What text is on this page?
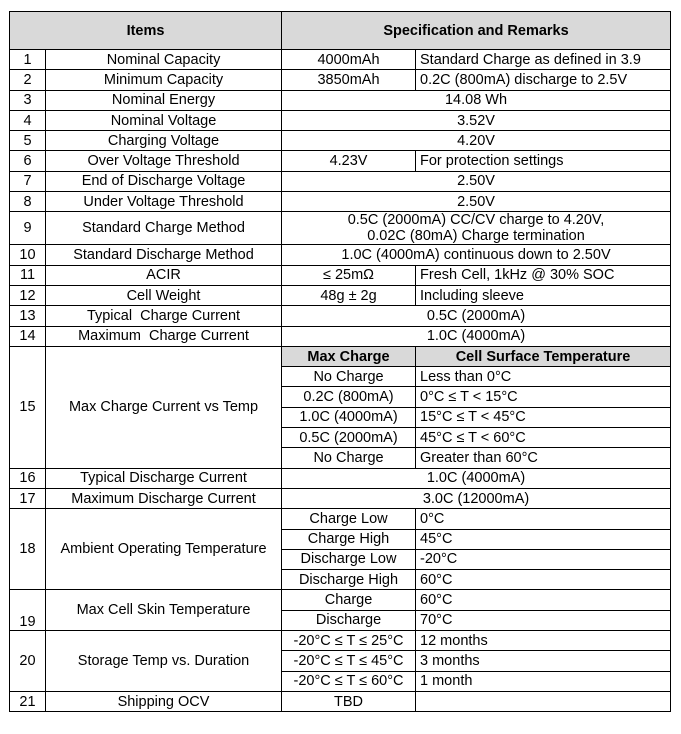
Items		Specification and Remarks	
1	Nominal Capacity	4000mAh	Standard Charge as defined in 3.9
2	Minimum Capacity	3850mAh	0.2C (800mA) discharge to 2.5V
3	Nominal Energy	14.08 Wh	
4	Nominal Voltage	3.52V	
5	Charging Voltage	4.20V	
6	Over Voltage Threshold	4.23V	For protection settings
7	End of Discharge Voltage	2.50V	
8	Under Voltage Threshold	2.50V	
9	Standard Charge Method	0.5C (2000mA) CC/CV charge to 4.20V,
0.02C (80mA) Charge termination	

10	Standard Discharge Method	1.0C (4000mA) continuous down to 2.50V	
11	ACIR	≤ 25mΩ	Fresh Cell, 1kHz @ 30% SOC
12	Cell Weight	48g ± 2g	Including sleeve
13	Typical  Charge Current	0.5C (2000mA)	
14	Maximum  Charge Current	1.0C (4000mA)	
15	Max Charge Current vs Temp	Max Charge	Cell Surface Temperature
		No Charge	Less than 0°C
		0.2C (800mA)	0°C ≤ T < 15°C
		1.0C (4000mA)	15°C ≤ T < 45°C
		0.5C (2000mA)	45°C ≤ T < 60°C
		No Charge	Greater than 60°C
16	Typical Discharge Current	1.0C (4000mA)	
17	Maximum Discharge Current	3.0C (12000mA)	
18	Ambient Operating Temperature	Charge Low	0°C
		Charge High	45°C
		Discharge Low	-20°C
		Discharge High	60°C
19	Max Cell Skin Temperature	Charge	60°C
		Discharge	70°C
20	Storage Temp vs. Duration	-20°C ≤ T ≤ 25°C	12 months
		-20°C ≤ T ≤ 45°C	3 months
		-20°C ≤ T ≤ 60°C	1 month
21	Shipping OCV	TBD	
